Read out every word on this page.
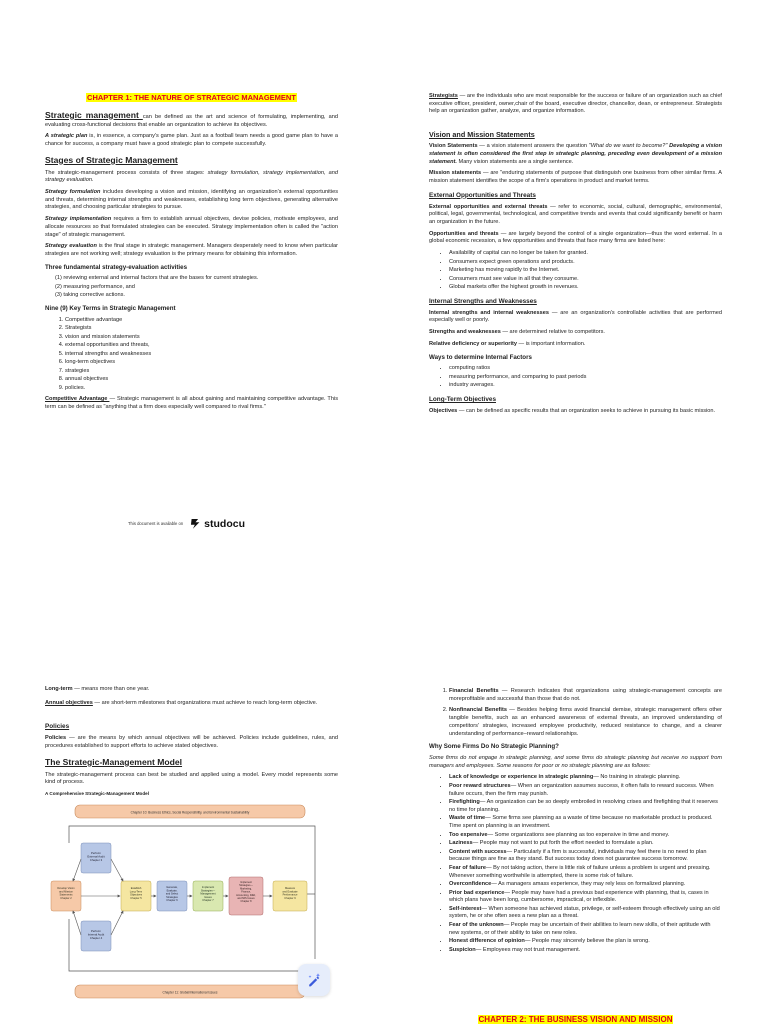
CHAPTER 1: THE NATURE OF STRATEGIC MANAGEMENT
Strategic management can be defined as the art and science of formulating, implementing, and evaluating cross-functional decisions that enable an organization to achieve its objectives.
A strategic plan is, in essence, a company's game plan. Just as a football team needs a good game plan to have a chance for success, a company must have a good strategic plan to compete successfully.
Stages of Strategic Management
The strategic-management process consists of three stages: strategy formulation, strategy implementation, and strategy evaluation.
Strategy formulation includes developing a vision and mission, identifying an organization's external opportunities and threats, determining internal strengths and weaknesses, establishing long term objectives, generating alternative strategies, and choosing particular strategies to pursue.
Strategy implementation requires a firm to establish annual objectives, devise policies, motivate employees, and allocate resources so that formulated strategies can be executed. Strategy implementation often is called the "action stage" of strategic management.
Strategy evaluation is the final stage in strategic management. Managers desperately need to know when particular strategies are not working well; strategy evaluation is the primary means for obtaining this information.
Three fundamental strategy-evaluation activities
(1) reviewing external and internal factors that are the bases for current strategies.
(2) measuring performance, and
(3) taking corrective actions.
Nine (9) Key Terms in Strategic Management
1. Competitive advantage
2. Strategists
3. vision and mission statements
4. external opportunities and threats,
5. internal strengths and weaknesses
6. long-term objectives
7. strategies
8. annual objectives
9. policies.
Competitive Advantage — Strategic management is all about gaining and maintaining competitive advantage. This term can be defined as "anything that a firm does especially well compared to rival firms."
Strategists — are the individuals who are most responsible for the success or failure of an organization such as chief executive officer, president, owner,chair of the board, executive director, chancellor, dean, or entrepreneur. Strategists help an organization gather, analyze, and organize information.
Vision and Mission Statements
Vision Statements — a vision statement answers the question "What do we want to become?" Developing a vision statement is often considered the first step in strategic planning, preceding even development of a mission statement. Many vision statements are a single sentence.
Mission statements — are "enduring statements of purpose that distinguish one business from other similar firms. A mission statement identifies the scope of a firm's operations in product and market terms.
External Opportunities and Threats
External opportunities and external threats — refer to economic, social, cultural, demographic, environmental, political, legal, governmental, technological, and competitive trends and events that could significantly benefit or harm an organization in the future.
Opportunities and threats — are largely beyond the control of a single organization—thus the word external. In a global economic recession, a few opportunities and threats that face many firms are listed here:
• Availability of capital can no longer be taken for granted.
• Consumers expect green operations and products.
• Marketing has moving rapidly to the Internet.
• Consumers must see value in all that they consume.
• Global markets offer the highest growth in revenues.
Internal Strengths and Weaknesses
Internal strengths and internal weaknesses — are an organization's controllable activities that are performed especially well or poorly.
Strengths and weaknesses — are determined relative to competitors.
Relative deficiency or superiority — is important information.
Ways to determine Internal Factors
• computing ratios
• measuring performance, and comparing to past periods
• industry averages.
Long-Term Objectives
Objectives — can be defined as specific results that an organization seeks to achieve in pursuing its basic mission.
This document is available on studocu
Long-term — means more than one year.
Annual objectives — are short-term milestones that organizations must achieve to reach long-term objective.
Policies
Policies — are the means by which annual objectives will be achieved. Policies include guidelines, rules, and procedures established to support efforts to achieve stated objectives.
The Strategic-Management Model
The strategic-management process can best be studied and applied using a model. Every model represents some kind of process.
A Comprehensive Strategic-Management Model
Chapter 10: Business Ethics, Social Responsibility, and Environmental Sustainability
Perform External Audit Chapter 3
Perform Internal Audit Chapter 4
Develop Vision and Mission Statements Chapter 2
Establish Long-Term Objectives Chapter 5
Generate, Evaluate, and Select Strategies Chapter 6
Implement Strategies— Management Issues Chapter 7
Implement Strategies— Marketing, Finance, Accounting, R&D, and MIS Issues Chapter 8
Measure and Evaluate Performance Chapter 9
Chapter 11: Global/International Issues
1. Financial Benefits — Research indicates that organizations using strategic-management concepts are moreprofitable and successful than those that do not.
2. Nonfinancial Benefits — Besides helping firms avoid financial demise, strategic management offers other tangible benefits, such as an enhanced awareness of external threats, an improved understanding of competitors' strategies, increased employee productivity, reduced resistance to change, and a clearer understanding of performance–reward relationships.
Why Some Firms Do No Strategic Planning?
Some firms do not engage in strategic planning, and some firms do strategic planning but receive no support from managers and employees. Some reasons for poor or no strategic planning are as follows:
• Lack of knowledge or experience in strategic planning— No training in strategic planning.
• Poor reward structures— When an organization assumes success, it often fails to reward success. When failure occurs, then the firm may punish.
• Firefighting— An organization can be so deeply embroiled in resolving crises and firefighting that it reserves no time for planning.
• Waste of time— Some firms see planning as a waste of time because no marketable product is produced. Time spent on planning is an investment.
• Too expensive— Some organizations see planning as too expensive in time and money.
• Laziness— People may not want to put forth the effort needed to formulate a plan.
• Content with success— Particularly if a firm is successful, individuals may feel there is no need to plan because things are fine as they stand. But success today does not guarantee success tomorrow.
• Fear of failure— By not taking action, there is little risk of failure unless a problem is urgent and pressing. Whenever something worthwhile is attempted, there is some risk of failure.
• Overconfidence— As managers amass experience, they may rely less on formalized planning.
• Prior bad experience— People may have had a previous bad experience with planning, that is, cases in which plans have been long, cumbersome, impractical, or inflexible.
• Self-interest— When someone has achieved status, privilege, or self-esteem through effectively using an old system, he or she often sees a new plan as a threat.
• Fear of the unknown— People may be uncertain of their abilities to learn new skills, of their aptitude with new systems, or of their ability to take on new roles.
• Honest difference of opinion— People may sincerely believe the plan is wrong.
• Suspicion— Employees may not trust management.
CHAPTER 2: THE BUSINESS VISION AND MISSION
